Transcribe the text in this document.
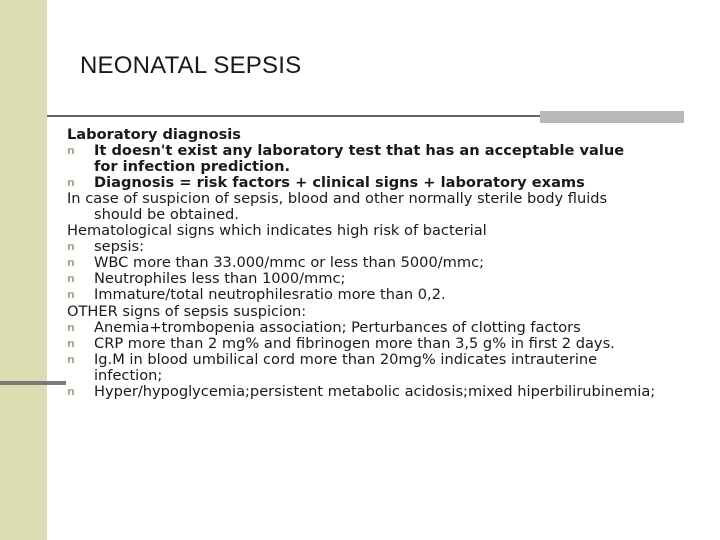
NEONATAL SEPSIS

Laboratory diagnosis

n It doesn't exist any laboratory test that has an acceptable value

for infection prediction.

n Diagnosis = risk factors + clinical signs + laboratory exams

In case of suspicion of sepsis, blood and other normally sterile body fluids

should be obtained.

Hematological signs which indicates high risk of bacterial

n sepsis:

n WBC more than 33.000/mmc or less than 5000/mmc;

n Neutrophiles less than 1000/mmc;

n Immature/total neutrophilesratio more than 0,2.

OTHER signs of sepsis suspicion:

n Anemia+trombopenia association; Perturbances of clotting factors

n CRP more than 2 mg% and fibrinogen more than 3,5 g% in first 2 days.

n Ig.M in blood umbilical cord more than 20mg% indicates intrauterine

infection;

n Hyper/hypoglycemia;persistent metabolic acidosis;mixed hiperbilirubinemia;
